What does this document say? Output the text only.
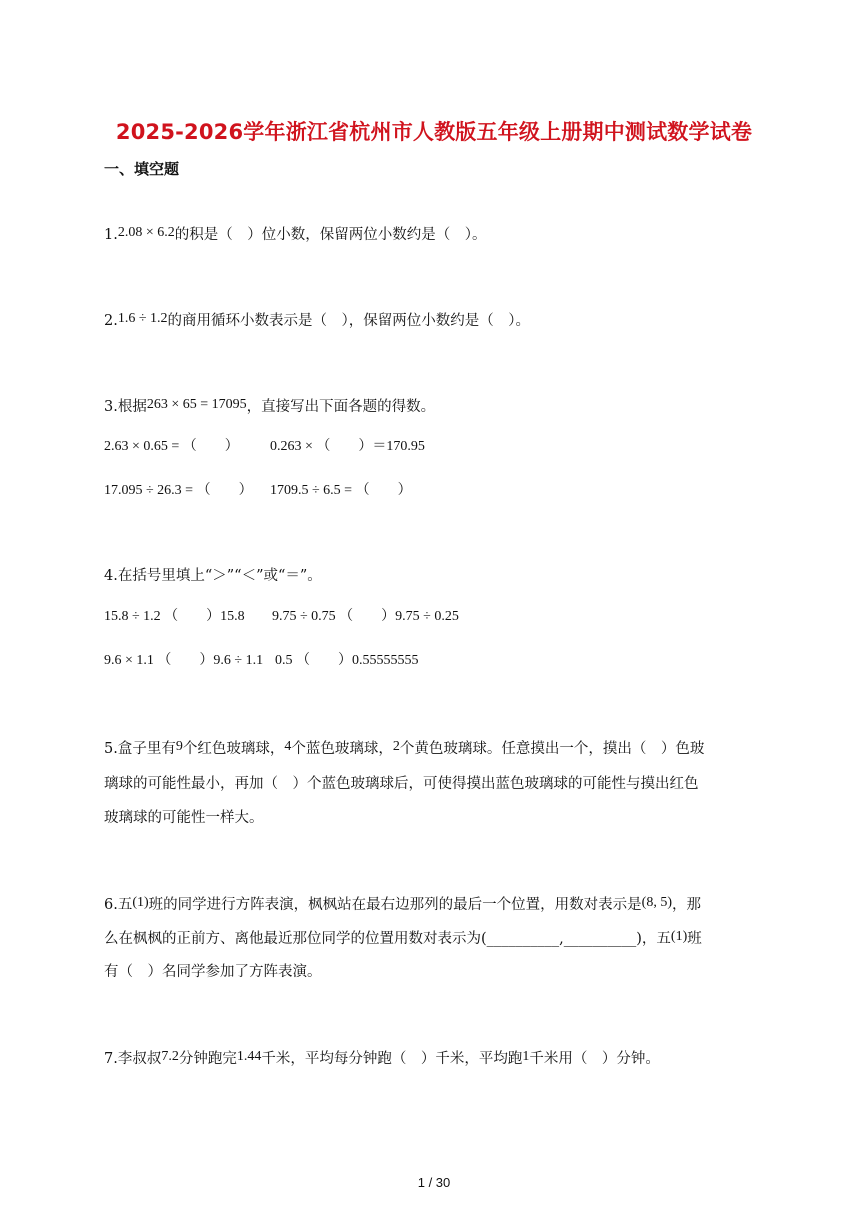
2025-2026学年浙江省杭州市人教版五年级上册期中测试数学试卷
一、填空题
1.2.08 × 6.2的积是（　）位小数，保留两位小数约是（　）。
2.1.6 ÷ 1.2的商用循环小数表示是（　），保留两位小数约是（　）。
3.根据263 × 65 = 17095，直接写出下面各题的得数。
2.63 × 0.65 = （　　） 0.263 × （　　）＝170.95
17.095 ÷ 26.3 = （　　） 1709.5 ÷ 6.5 = （　　）
4.在括号里填上“＞”“＜”或“＝”。
15.8 ÷ 1.2 （　　）15.8 9.75 ÷ 0.75 （　　）9.75 ÷ 0.25
9.6 × 1.1 （　　）9.6 ÷ 1.1 0.5 （　　）0.55555555
5.盒子里有9个红色玻璃球，4个蓝色玻璃球，2个黄色玻璃球。任意摸出一个，摸出（　）色玻
璃球的可能性最小，再加（　）个蓝色玻璃球后，可使得摸出蓝色玻璃球的可能性与摸出红色
玻璃球的可能性一样大。
6.五(1)班的同学进行方阵表演，枫枫站在最右边那列的最后一个位置，用数对表示是(8, 5)，那
么在枫枫的正前方、离他最近那位同学的位置用数对表示为(__________,__________)，五(1)班
有（　）名同学参加了方阵表演。
7.李叔叔7.2分钟跑完1.44千米，平均每分钟跑（　）千米，平均跑1千米用（　）分钟。
1 / 30
